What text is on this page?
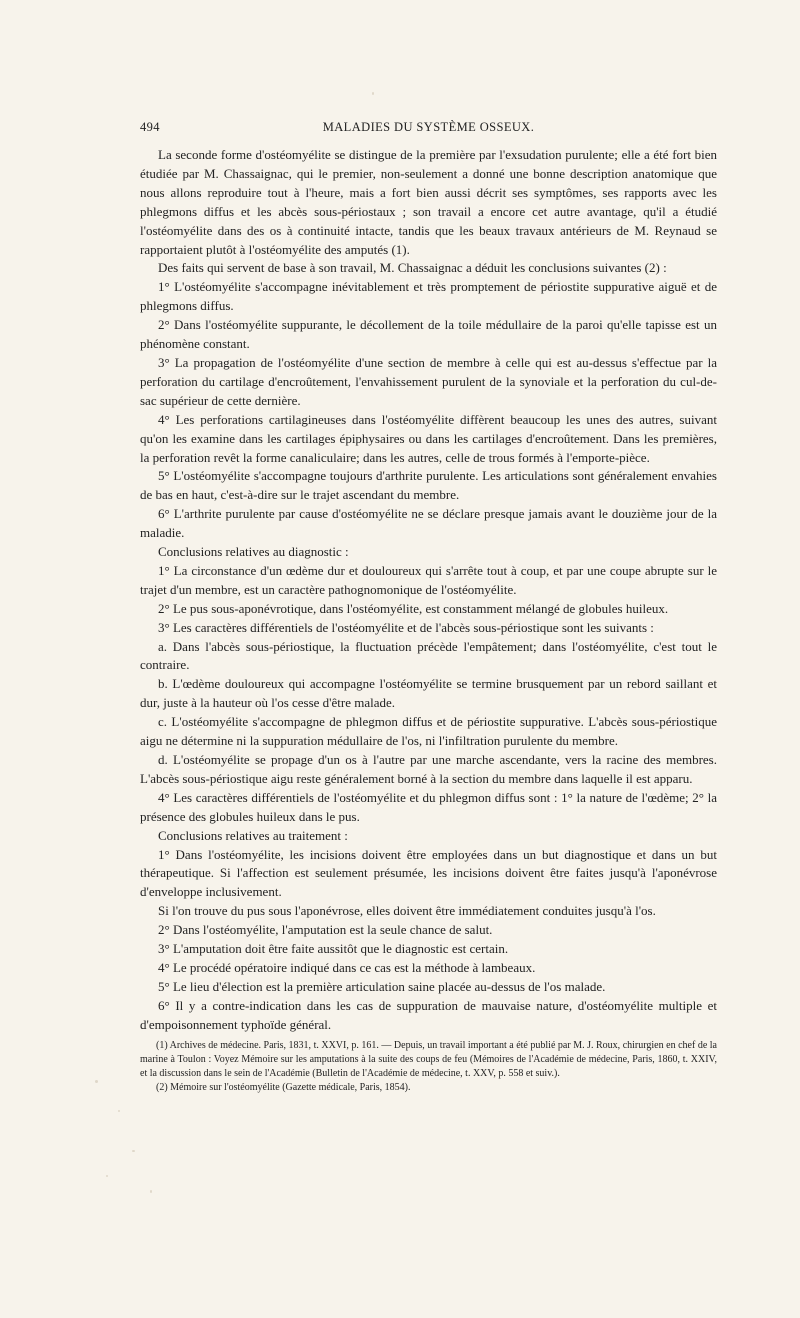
494	MALADIES DU SYSTÈME OSSEUX.

La seconde forme d'ostéomyélite se distingue de la première par l'exsudation purulente; elle a été fort bien étudiée par M. Chassaignac, qui le premier, non-seulement a donné une bonne description anatomique que nous allons reproduire tout à l'heure, mais a fort bien aussi décrit ses symptômes, ses rapports avec les phlegmons diffus et les abcès sous-périostaux ; son travail a encore cet autre avantage, qu'il a étudié l'ostéomyélite dans des os à continuité intacte, tandis que les beaux travaux antérieurs de M. Reynaud se rapportaient plutôt à l'ostéomyélite des amputés (1).

Des faits qui servent de base à son travail, M. Chassaignac a déduit les conclusions suivantes (2) :

1° L'ostéomyélite s'accompagne inévitablement et très promptement de périostite suppurative aiguë et de phlegmons diffus.

2° Dans l'ostéomyélite suppurante, le décollement de la toile médullaire de la paroi qu'elle tapisse est un phénomène constant.

3° La propagation de l'ostéomyélite d'une section de membre à celle qui est au-dessus s'effectue par la perforation du cartilage d'encroûtement, l'envahissement purulent de la synoviale et la perforation du cul-de-sac supérieur de cette dernière.

4° Les perforations cartilagineuses dans l'ostéomyélite diffèrent beaucoup les unes des autres, suivant qu'on les examine dans les cartilages épiphysaires ou dans les cartilages d'encroûtement. Dans les premières, la perforation revêt la forme canaliculaire; dans les autres, celle de trous formés à l'emporte-pièce.

5° L'ostéomyélite s'accompagne toujours d'arthrite purulente. Les articulations sont généralement envahies de bas en haut, c'est-à-dire sur le trajet ascendant du membre.

6° L'arthrite purulente par cause d'ostéomyélite ne se déclare presque jamais avant le douzième jour de la maladie.

Conclusions relatives au diagnostic :

1° La circonstance d'un œdème dur et douloureux qui s'arrête tout à coup, et par une coupe abrupte sur le trajet d'un membre, est un caractère pathognomonique de l'ostéomyélite.

2° Le pus sous-aponévrotique, dans l'ostéomyélite, est constamment mélangé de globules huileux.

3° Les caractères différentiels de l'ostéomyélite et de l'abcès sous-périostique sont les suivants :

a. Dans l'abcès sous-périostique, la fluctuation précède l'empâtement; dans l'ostéomyélite, c'est tout le contraire.

b. L'œdème douloureux qui accompagne l'ostéomyélite se termine brusquement par un rebord saillant et dur, juste à la hauteur où l'os cesse d'être malade.

c. L'ostéomyélite s'accompagne de phlegmon diffus et de périostite suppurative. L'abcès sous-périostique aigu ne détermine ni la suppuration médullaire de l'os, ni l'infiltration purulente du membre.

d. L'ostéomyélite se propage d'un os à l'autre par une marche ascendante, vers la racine des membres. L'abcès sous-périostique aigu reste généralement borné à la section du membre dans laquelle il est apparu.

4° Les caractères différentiels de l'ostéomyélite et du phlegmon diffus sont : 1° la nature de l'œdème; 2° la présence des globules huileux dans le pus.

Conclusions relatives au traitement :

1° Dans l'ostéomyélite, les incisions doivent être employées dans un but diagnostique et dans un but thérapeutique. Si l'affection est seulement présumée, les incisions doivent être faites jusqu'à l'aponévrose d'enveloppe inclusivement.

Si l'on trouve du pus sous l'aponévrose, elles doivent être immédiatement conduites jusqu'à l'os.

2° Dans l'ostéomyélite, l'amputation est la seule chance de salut.

3° L'amputation doit être faite aussitôt que le diagnostic est certain.

4° Le procédé opératoire indiqué dans ce cas est la méthode à lambeaux.

5° Le lieu d'élection est la première articulation saine placée au-dessus de l'os malade.

6° Il y a contre-indication dans les cas de suppuration de mauvaise nature, d'ostéomyélite multiple et d'empoisonnement typhoïde général.

(1) Archives de médecine. Paris, 1831, t. XXVI, p. 161. — Depuis, un travail important a été publié par M. J. Roux, chirurgien en chef de la marine à Toulon : Voyez Mémoire sur les amputations à la suite des coups de feu (Mémoires de l'Académie de médecine, Paris, 1860, t. XXIV, et la discussion dans le sein de l'Académie (Bulletin de l'Académie de médecine, t. XXV, p. 558 et suiv.).

(2) Mémoire sur l'ostéomyélite (Gazette médicale, Paris, 1854).
